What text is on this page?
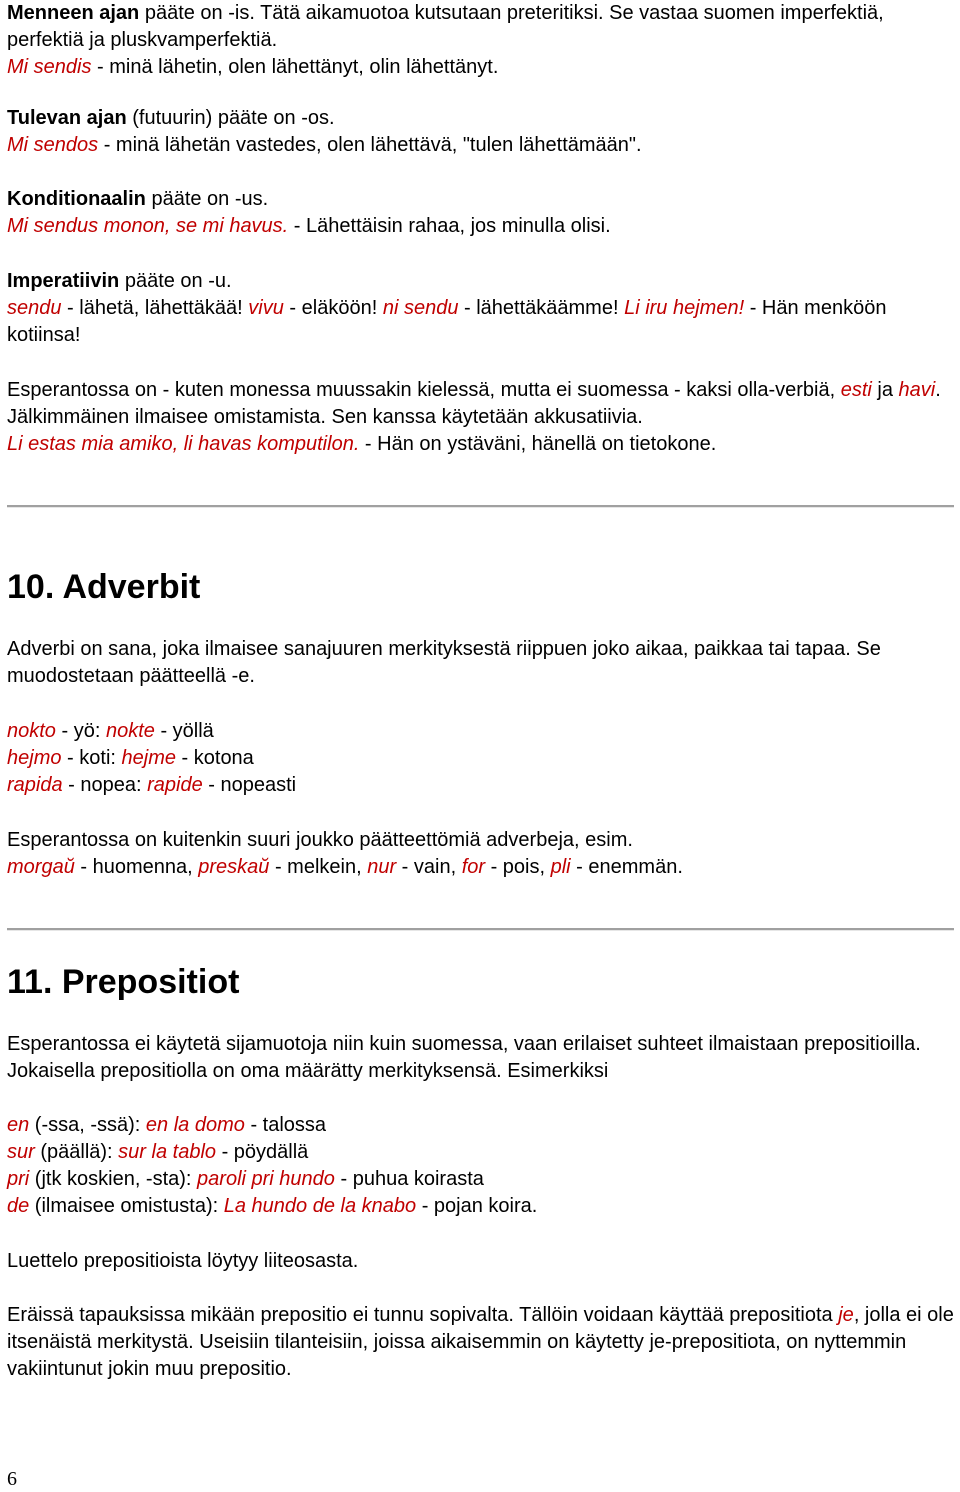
Menneen ajan pääte on -is. Tätä aikamuotoa kutsutaan preteritiksi. Se vastaa suomen imperfektiä, perfektiä ja pluskvamperfektiä.
Mi sendis - minä lähetin, olen lähettänyt, olin lähettänyt.

Tulevan ajan (futuurin) pääte on -os.
Mi sendos - minä lähetän vastedes, olen lähettävä, "tulen lähettämään".

Konditionaalin pääte on -us.
Mi sendus monon, se mi havus. - Lähettäisin rahaa, jos minulla olisi.

Imperatiivin pääte on -u.
sendu - lähetä, lähettäkää! vivu - eläköön! ni sendu - lähettäkäämme! Li iru hejmen! - Hän menköön kotiinsa!

Esperantossa on - kuten monessa muussakin kielessä, mutta ei suomessa - kaksi olla-verbiä, esti ja havi. Jälkimmäinen ilmaisee omistamista. Sen kanssa käytetään akkusatiivia.
Li estas mia amiko, li havas komputilon. - Hän on ystäväni, hänellä on tietokone.

10. Adverbit

Adverbi on sana, joka ilmaisee sanajuuren merkityksestä riippuen joko aikaa, paikkaa tai tapaa. Se muodostetaan päätteellä -e.

nokto - yö: nokte - yöllä
hejmo - koti: hejme - kotona
rapida - nopea: rapide - nopeasti

Esperantossa on kuitenkin suuri joukko päätteettömiä adverbeja, esim.
morgaŭ - huomenna, preskaŭ - melkein, nur - vain, for - pois, pli - enemmän.

11. Prepositiot

Esperantossa ei käytetä sijamuotoja niin kuin suomessa, vaan erilaiset suhteet ilmaistaan prepositioilla. Jokaisella prepositiolla on oma määrätty merkityksensä. Esimerkiksi

en (-ssa, -ssä): en la domo - talossa
sur (päällä): sur la tablo - pöydällä
pri (jtk koskien, -sta): paroli pri hundo - puhua koirasta
de (ilmaisee omistusta): La hundo de la knabo - pojan koira.

Luettelo prepositioista löytyy liiteosasta.

Eräissä tapauksissa mikään prepositio ei tunnu sopivalta. Tällöin voidaan käyttää prepositiota je, jolla ei ole itsenäistä merkitystä. Useisiin tilanteisiin, joissa aikaisemmin on käytetty je-prepositiota, on nyttemmin vakiintunut jokin muu prepositio.

6
